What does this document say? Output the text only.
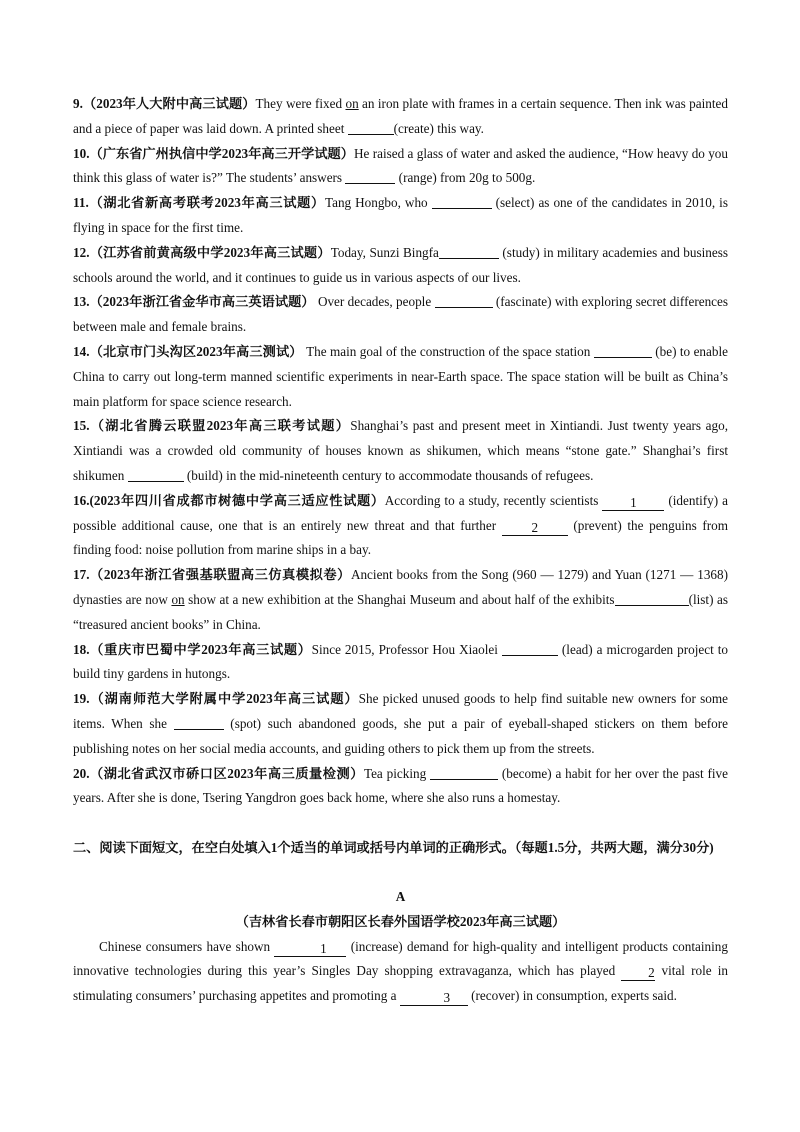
9.（2023年人大附中高三试题）They were fixed on an iron plate with frames in a certain sequence. Then ink was painted and a piece of paper was laid down. A printed sheet	(create) this way.
10.（广东省广州执信中学2023年高三开学试题）He raised a glass of water and asked the audience, “How heavy do you think this glass of water is?” The students’ answers	(range) from 20g to 500g.
11.（湖北省新高考联考2023年高三试题）Tang Hongbo, who	(select) as one of the candidates in 2010, is flying in space for the first time.
12.（江苏省前黄高级中学2023年高三试题）Today, Sunzi Bingfa	(study) in military academies and business schools around the world, and it continues to guide us in various aspects of our lives.
13.（2023年浙江省金华市高三英语试题） Over decades, people	(fascinate) with exploring secret differences between male and female brains.
14.（北京市门头沟区2023年高三测试） The main goal of the construction of the space station	(be) to enable China to carry out long-term manned scientific experiments in near-Earth space. The space station will be built as China’s main platform for space science research.
15.（湖北省腾云联盟2023年高三联考试题）Shanghai’s past and present meet in Xintiandi. Just twenty years ago, Xintiandi was a crowded old community of houses known as shikumen, which means “stone gate.” Shanghai’s first shikumen	(build) in the mid-nineteenth century to accommodate thousands of refugees.
16.(2023年四川省成都市树德中学高三适应性试题）According to a study, recently scientists 1 (identify) a possible additional cause, one that is an entirely new threat and that further 2 (prevent) the penguins from finding food: noise pollution from marine ships in a bay.
17.（2023年浙江省强基联盟高三仿真模拟卷）Ancient books from the Song (960 — 1279) and Yuan (1271 — 1368) dynasties are now on show at a new exhibition at the Shanghai Museum and about half of the exhibits	(list) as “treasured ancient books” in China.
18.（重庆市巴蜀中学2023年高三试题）Since 2015, Professor Hou Xiaolei	(lead) a microgarden project to build tiny gardens in hutongs.
19.（湖南师范大学附属中学2023年高三试题）She picked unused goods to help find suitable new owners for some items. When she	(spot) such abandoned goods, she put a pair of eyeball-shaped stickers on them before publishing notes on her social media accounts, and guiding others to pick them up from the streets.
20.（湖北省武汉市硚口区2023年高三质量检测）Tea picking	(become) a habit for her over the past five years. After she is done, Tsering Yangdron goes back home, where she also runs a homestay.
二、阅读下面短文，在空白处填入1个适当的单词或括号内单词的正确形式。（每题1.5分，共两大题，满分30分)
A
（吉林省长春市朝阳区长春外国语学校2023年高三试题）
Chinese consumers have shown	1 (increase) demand for high-quality and intelligent products containing innovative technologies during this year’s Singles Day shopping extravaganza, which has played 2 vital role in stimulating consumers’ purchasing appetites and promoting a	3 (recover) in consumption, experts said.
